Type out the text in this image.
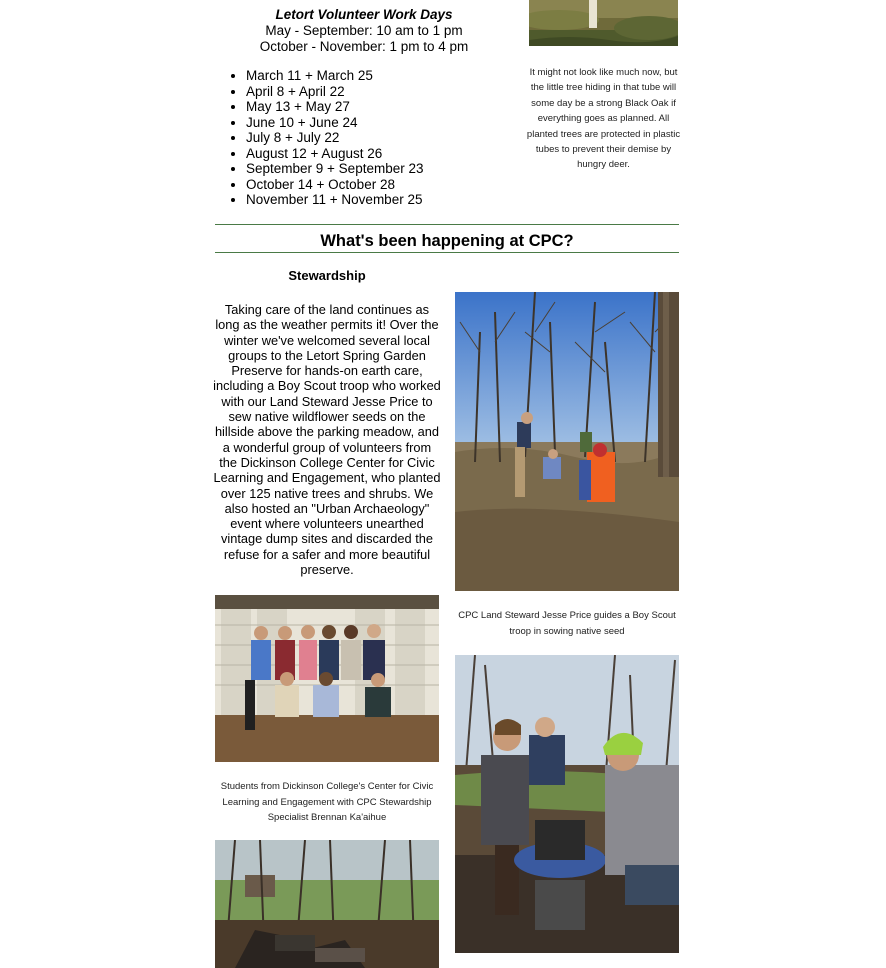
Letort Volunteer Work Days
May - September: 10 am to 1 pm
October - November: 1 pm to 4 pm
• March 11 + March 25
• April 8 + April 22
• May 13 + May 27
• June 10 + June 24
• July 8 + July 22
• August 12 + August 26
• September 9 + September 23
• October 14 + October 28
• November 11 + November 25
It might not look like much now, but the little tree hiding in that tube will some day be a strong Black Oak if everything goes as planned. All planted trees are protected in plastic tubes to prevent their demise by hungry deer.
What's been happening at CPC?
Stewardship
Taking care of the land continues as long as the weather permits it! Over the winter we've welcomed several local groups to the Letort Spring Garden Preserve for hands-on earth care, including a Boy Scout troop who worked with our Land Steward Jesse Price to sew native wildflower seeds on the hillside above the parking meadow, and a wonderful group of volunteers from the Dickinson College Center for Civic Learning and Engagement, who planted over 125 native trees and shrubs. We also hosted an "Urban Archaeology" event where volunteers unearthed vintage dump sites and discarded the refuse for a safer and more beautiful preserve.
CPC Land Steward Jesse Price guides a Boy Scout troop in sowing native seed
Students from Dickinson College's Center for Civic Learning and Engagement with CPC Stewardship Specialist Brennan Ka'aihue
